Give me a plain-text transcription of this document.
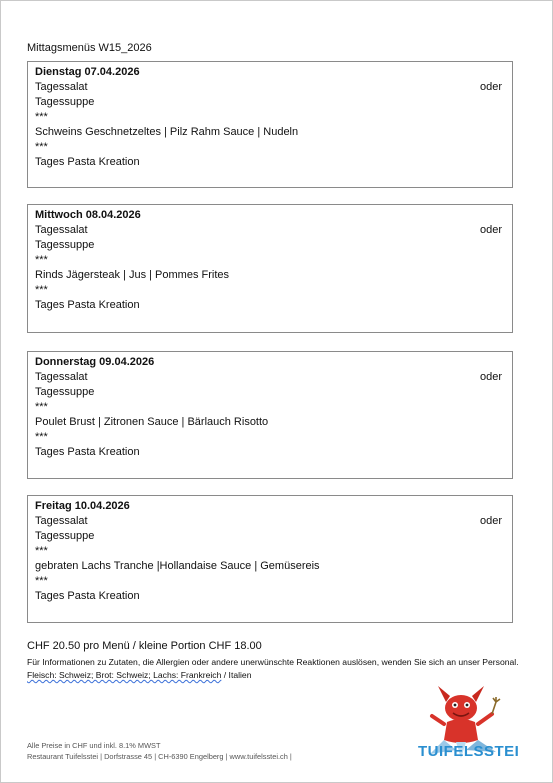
Mittagsmenüs W15_2026
Dienstag 07.04.2026
oder
Tagessalat
Tagessuppe
***
Schweins Geschnetzeltes | Pilz Rahm Sauce | Nudeln
***
Tages Pasta Kreation
Mittwoch 08.04.2026
oder
Tagessalat
Tagessuppe
***
Rinds Jägersteak | Jus | Pommes Frites
***
Tages Pasta Kreation
Donnerstag 09.04.2026
oder
Tagessalat
Tagessuppe
***
Poulet Brust | Zitronen Sauce | Bärlauch Risotto
***
Tages Pasta Kreation
Freitag 10.04.2026
oder
Tagessalat
Tagessuppe
***
gebraten Lachs Tranche |Hollandaise Sauce | Gemüsereis
***
Tages Pasta Kreation
CHF 20.50 pro Menü / kleine Portion CHF 18.00
Für Informationen zu Zutaten, die Allergien oder andere unerwünschte Reaktionen auslösen, wenden Sie sich an unser Personal. Fleisch: Schweiz; Brot: Schweiz; Lachs: Frankreich / Italien
Alle Preise in CHF und inkl. 8.1% MWST
Restaurant Tuifelsstei | Dorfstrasse 45 | CH-6390 Engelberg | www.tuifelsstei.ch |	TUIFELSSTEI
